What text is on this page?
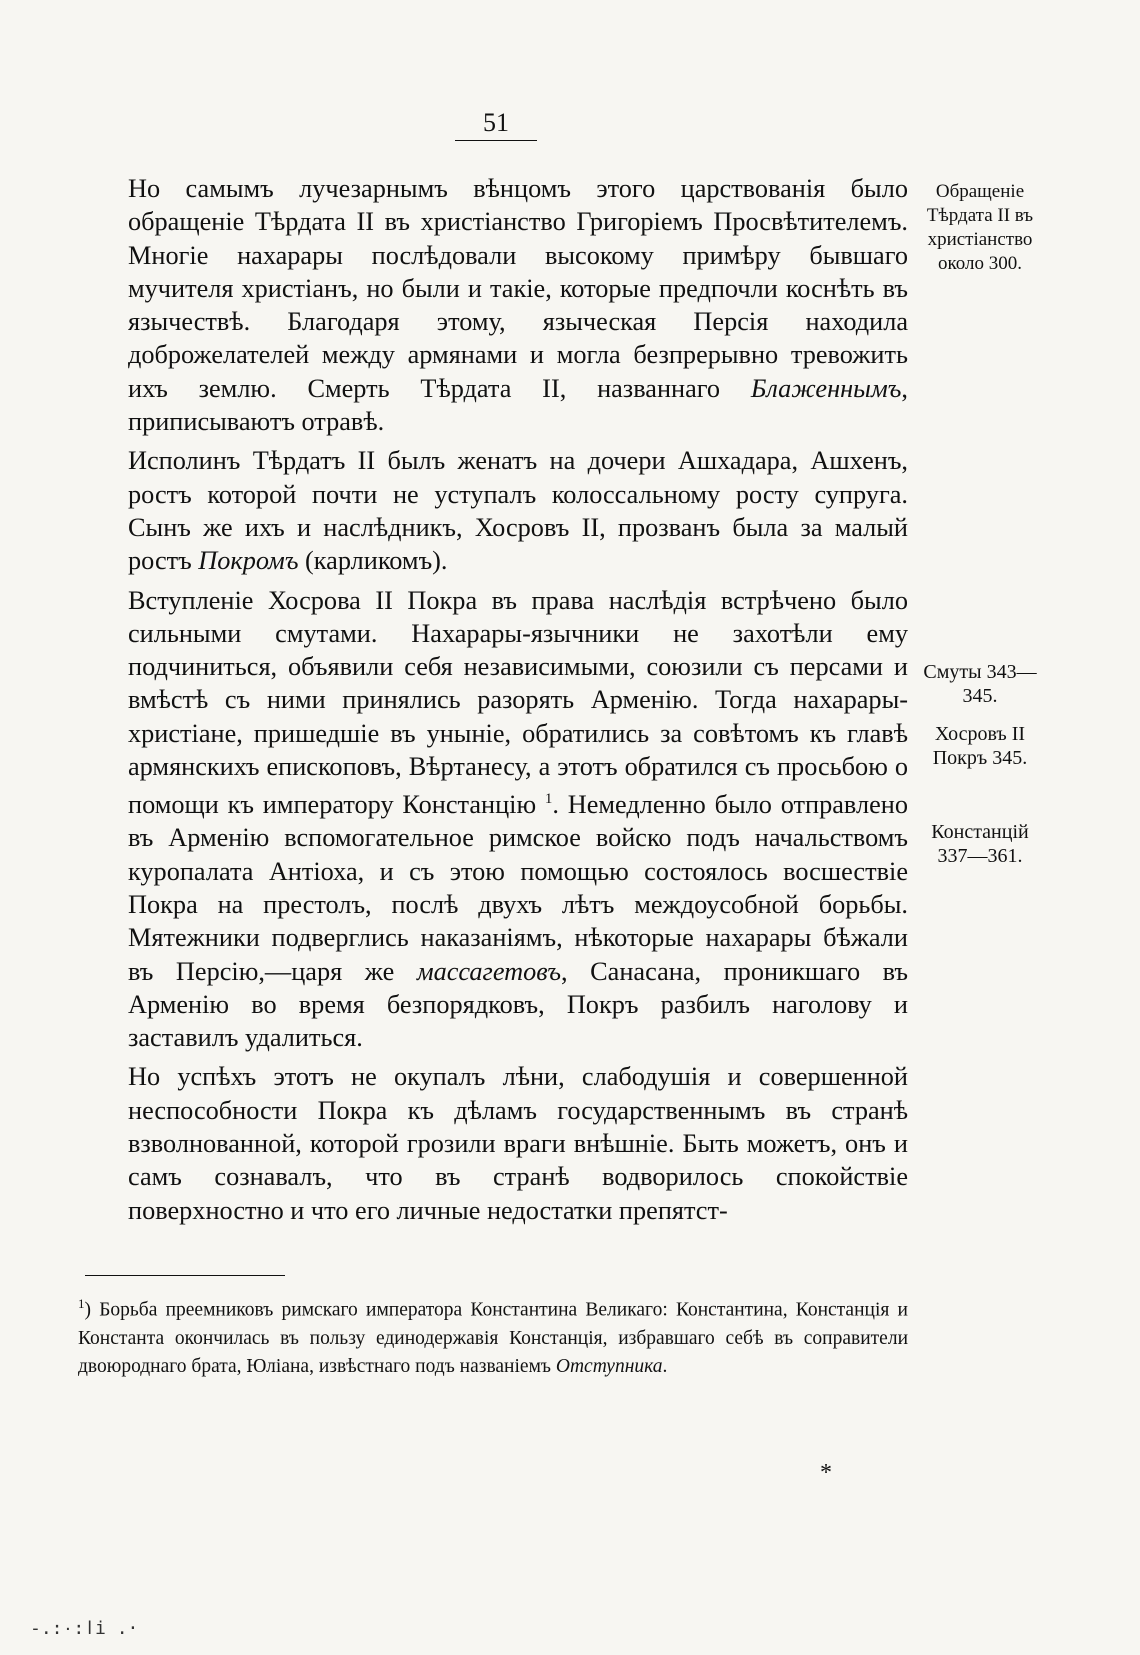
51

Но самымъ лучезарнымъ вѣнцомъ этого царствованія было обращеніе Тѣрдата II въ христіанство Григоріемъ Просвѣтителемъ. Многіе нахарары послѣдовали высокому примѣру бывшаго мучителя христіанъ, но были и такіе, которые предпочли коснѣть въ язычествѣ. Благодаря этому, языческая Персія находила доброжелателей между армянами и могла безпрерывно тревожить ихъ землю. Смерть Тѣрдата II, названнаго Блаженнымъ, приписываютъ отравѣ.

Исполинъ Тѣрдатъ II былъ женатъ на дочери Ашхадара, Ашхенъ, ростъ которой почти не уступалъ колоссальному росту супруга. Сынъ же ихъ и наслѣдникъ, Хосровъ II, прозванъ была за малый ростъ Покромъ (карликомъ).

Вступленіе Хосрова II Покра въ права наслѣдія встрѣчено было сильными смутами. Нахарары-язычники не захотѣли ему подчиниться, объявили себя независимыми, союзили съ персами и вмѣстѣ съ ними принялись разорять Арменію. Тогда нахарары-христіане, пришедшіе въ уныніе, обратились за совѣтомъ къ главѣ армянскихъ епископовъ, Вѣртанесу, а этотъ обратился съ просьбою о помощи къ императору Констанцію $^1$. Немедленно было отправлено въ Арменію вспомогательное римское войско подъ начальствомъ куропалата Антіоха, и съ этою помощью состоялось восшествіе Покра на престолъ, послѣ двухъ лѣтъ междоусобной борьбы. Мятежники подверглись наказаніямъ, нѣкоторые нахарары бѣжали въ Персію,—царя же массагетовъ, Санасана, проникшаго въ Арменію во время безпорядковъ, Покръ разбилъ наголову и заставилъ удалиться.

Но успѣхъ этотъ не окупалъ лѣни, слабодушія и совершенной неспособности Покра къ дѣламъ государственнымъ въ странѣ взволнованной, которой грозили враги внѣшніе. Быть можетъ, онъ и самъ сознавалъ, что въ странѣ водворилось спокойствіе поверхностно и что его личные недостатки препятст-

Обращеніе Тѣрдата II въ христіанство около 300.
Смуты 343—345.
Хосровъ II Покръ 345.
Констанцій 337—361.
$^1$) Борьба преемниковъ римскаго императора Константина Великаго: Константина, Констанція и Константа окончилась въ пользу единодержавія Констанція, избравшаго себѣ въ соправители двоюроднаго брата, Юліана, извѣстнаго подъ названіемъ Отступника.
*
-.:ا:۰i .·
